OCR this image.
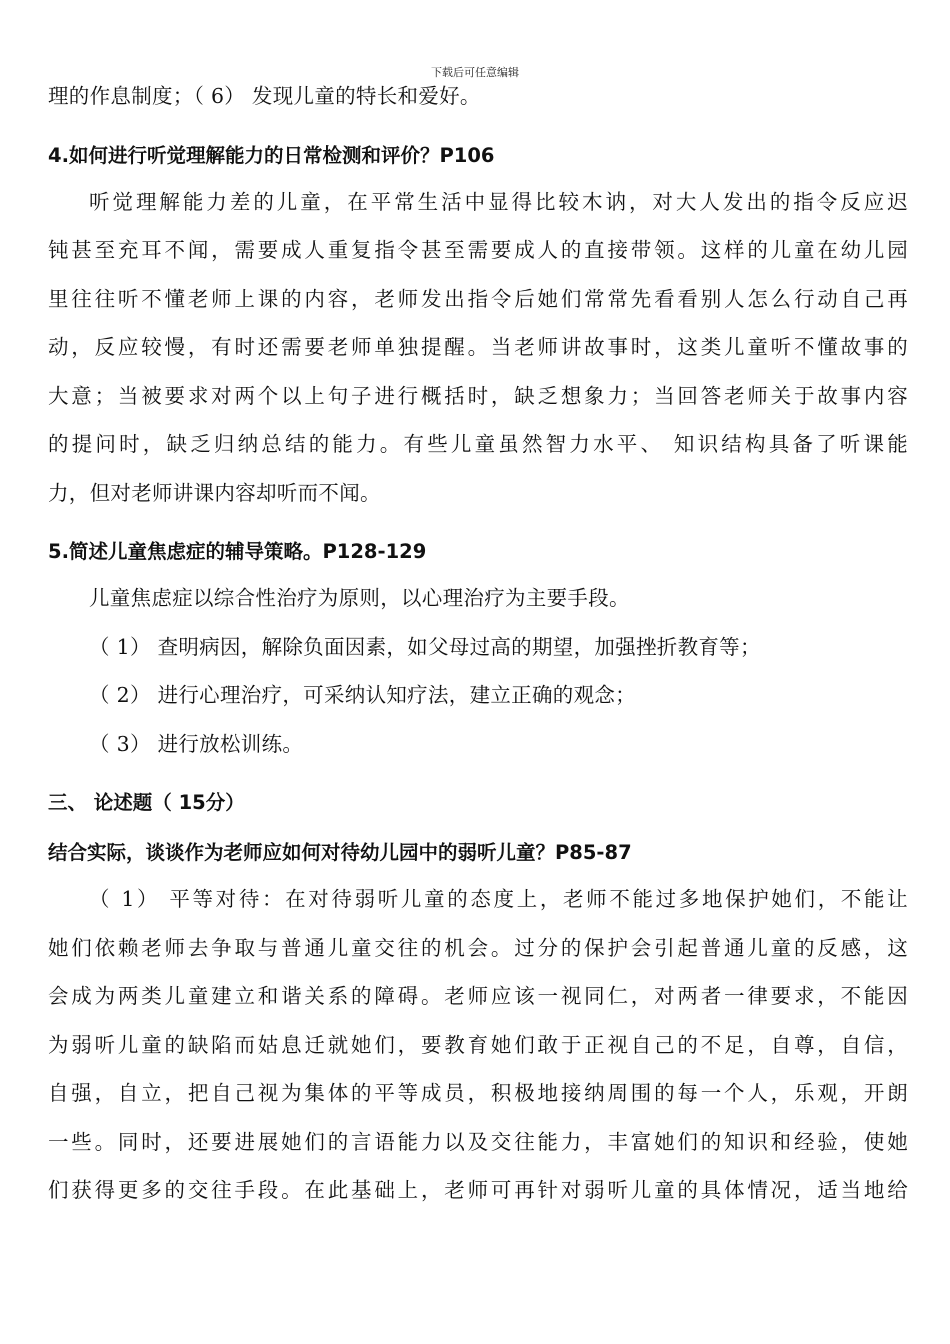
下载后可任意编辑
理的作息制度；（ 6） 发现儿童的特长和爱好。
4.如何进行听觉理解能力的日常检测和评价？P106
听觉理解能力差的儿童，在平常生活中显得比较木讷，对大人发出的指令反应迟
钝甚至充耳不闻，需要成人重复指令甚至需要成人的直接带领。这样的儿童在幼儿园
里往往听不懂老师上课的内容，老师发出指令后她们常常先看看别人怎么行动自己再
动，反应较慢，有时还需要老师单独提醒。当老师讲故事时，这类儿童听不懂故事的
大意；当被要求对两个以上句子进行概括时，缺乏想象力；当回答老师关于故事内容
的提问时，缺乏归纳总结的能力。有些儿童虽然智力水平、 知识结构具备了听课能
力，但对老师讲课内容却听而不闻。
5.简述儿童焦虑症的辅导策略。P128-129
儿童焦虑症以综合性治疗为原则，以心理治疗为主要手段。
（ 1） 查明病因，解除负面因素，如父母过高的期望，加强挫折教育等；
（ 2） 进行心理治疗，可采纳认知疗法，建立正确的观念；
（ 3） 进行放松训练。
三、 论述题（ 15分）
结合实际，谈谈作为老师应如何对待幼儿园中的弱听儿童？P85-87
（ 1） 平等对待：在对待弱听儿童的态度上，老师不能过多地保护她们，不能让
她们依赖老师去争取与普通儿童交往的机会。过分的保护会引起普通儿童的反感，这
会成为两类儿童建立和谐关系的障碍。老师应该一视同仁，对两者一律要求，不能因
为弱听儿童的缺陷而姑息迁就她们，要教育她们敢于正视自己的不足，自尊，自信，
自强，自立，把自己视为集体的平等成员，积极地接纳周围的每一个人，乐观，开朗
一些。同时，还要进展她们的言语能力以及交往能力，丰富她们的知识和经验，使她
们获得更多的交往手段。在此基础上，老师可再针对弱听儿童的具体情况，适当地给
